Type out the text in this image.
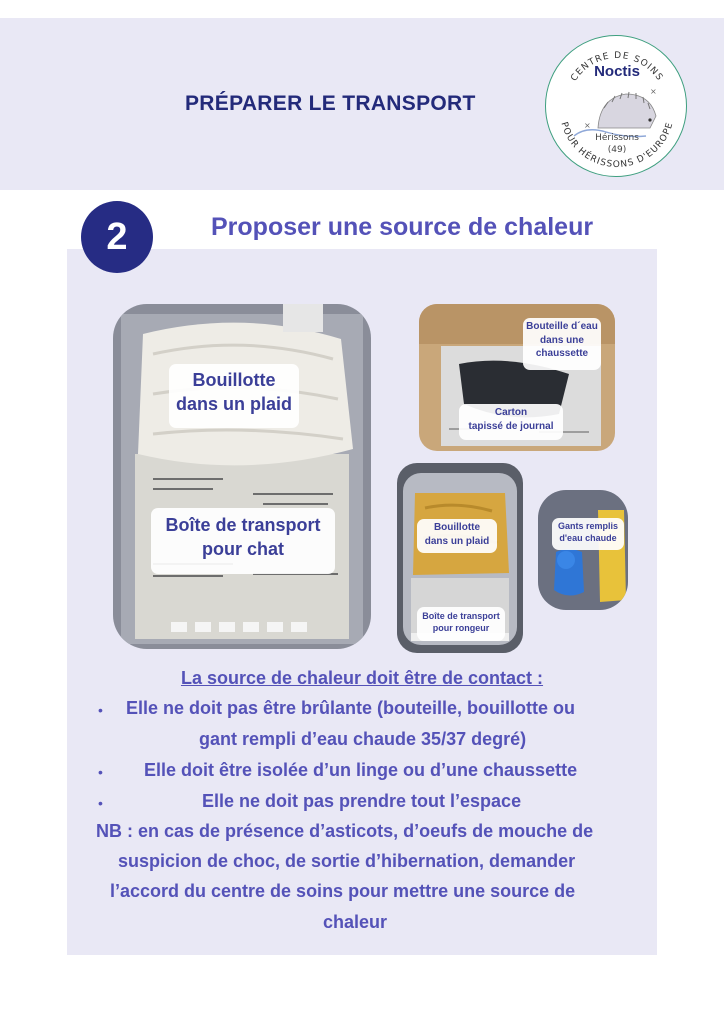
PRÉPARER LE TRANSPORT
CENTRE DE SOINS
POUR HÉRISSONS D'EUROPE
×
×
Noctis
Hérissons
(49)
2	Proposer une source de chaleur
Bouillotte
dans un plaid
Boîte de transport
pour chat
Bouteille d´eau
dans une
chaussette
Carton
tapissé de journal
Bouillotte
dans un plaid
Boîte de transport
pour rongeur
Gants remplis
d'eau chaude
La source de chaleur doit être de contact :
• Elle ne doit pas être brûlante (bouteille, bouillotte ou
gant rempli d’eau chaude 35/37 degré)
• Elle doit être isolée d’un linge ou d’une chaussette
•	Elle ne doit pas prendre tout l’espace
NB : en cas de présence d’asticots, d’oeufs de mouche de
suspicion de choc, de sortie d’hibernation, demander
l’accord du centre de soins pour mettre une source de
chaleur
